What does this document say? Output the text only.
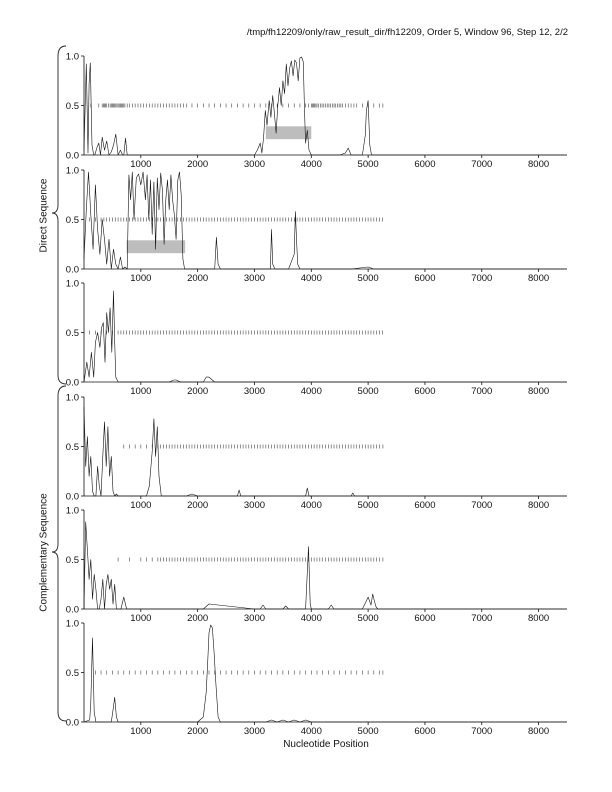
/tmp/fh12209/only/raw_result_dir/fh12209, Order 5, Window 96, Step 12, 2/2
0.0
0.5
1.0
1000	2000	3000	4000	5000	6000	7000	8000
0.0
0.5
1.0
1000	2000	3000	4000	5000	6000	7000	8000
0.0
0.5
1.0
1000	2000	3000	4000	5000	6000	7000	8000
0.0
0.5
1.0
1000	2000	3000	4000	5000	6000	7000	8000
0.0
0.5
1.0
1000	2000	3000	4000	5000	6000	7000	8000
0.0
0.5
1.0
1000	2000	3000	4000	5000	6000	7000	8000
Direct Sequence
Complementary Sequence
Nucleotide Position
